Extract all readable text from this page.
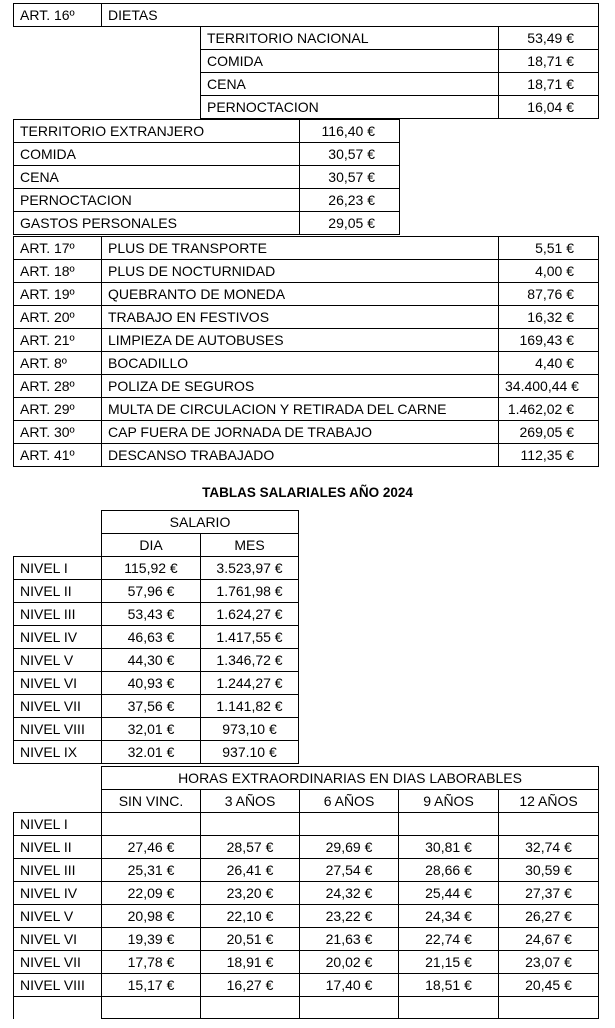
ART. 16º	DIETAS
TERRITORIO NACIONAL	53,49 €
COMIDA	18,71 €
CENA	18,71 €
PERNOCTACION	16,04 €
TERRITORIO EXTRANJERO	116,40 €
COMIDA	30,57 €
CENA	30,57 €
PERNOCTACION	26,23 €
GASTOS PERSONALES	29,05 €
ART. 17º	PLUS DE TRANSPORTE	5,51 €
ART. 18º	PLUS DE NOCTURNIDAD	4,00 €
ART. 19º	QUEBRANTO DE MONEDA	87,76 €
ART. 20º	TRABAJO EN FESTIVOS	16,32 €
ART. 21º	LIMPIEZA DE AUTOBUSES	169,43 €
ART. 8º	BOCADILLO	4,40 €
ART. 28º	POLIZA DE SEGUROS	34.400,44 €
ART. 29º	MULTA DE CIRCULACION Y RETIRADA DEL CARNE	1.462,02 €
ART. 30º	CAP FUERA DE JORNADA DE TRABAJO	269,05 €
ART. 41º	DESCANSO TRABAJADO	112,35 €
TABLAS SALARIALES AÑO 2024
	SALARIO	
	DIA	MES
NIVEL I	115,92 €	3.523,97 €
NIVEL II	57,96 €	1.761,98 €
NIVEL III	53,43 €	1.624,27 €
NIVEL IV	46,63 €	1.417,55 €
NIVEL V	44,30 €	1.346,72 €
NIVEL VI	40,93 €	1.244,27 €
NIVEL VII	37,56 €	1.141,82 €
NIVEL VIII	32,01 €	973,10 €
NIVEL IX	32.01 €	937.10 €
	HORAS EXTRAORDINARIAS EN DIAS LABORABLES				
	SIN VINC.	3 AÑOS	6 AÑOS	9 AÑOS	12 AÑOS
NIVEL I					
NIVEL II	27,46 €	28,57 €	29,69 €	30,81 €	32,74 €
NIVEL III	25,31 €	26,41 €	27,54 €	28,66 €	30,59 €
NIVEL IV	22,09 €	23,20 €	24,32 €	25,44 €	27,37 €
NIVEL V	20,98 €	22,10 €	23,22 €	24,34 €	26,27 €
NIVEL VI	19,39 €	20,51 €	21,63 €	22,74 €	24,67 €
NIVEL VII	17,78 €	18,91 €	20,02 €	21,15 €	23,07 €
NIVEL VIII	15,17 €	16,27 €	17,40 €	18,51 €	20,45 €
